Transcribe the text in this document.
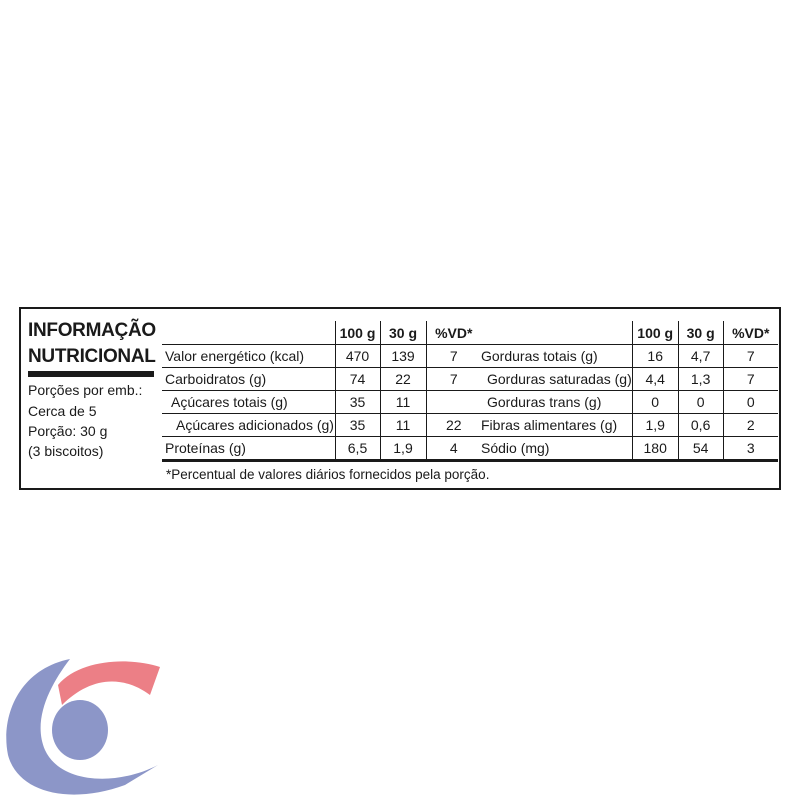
INFORMAÇÃO
NUTRICIONAL
Porções por emb.:
Cerca de 5
Porção: 30 g
(3 biscoitos)
	100 g	30 g	%VD*
Valor energético (kcal)	470	139	7
Carboidratos (g)	74	22	7
Açúcares totais (g)	35	11	
Açúcares adicionados (g)	35	11	22
Proteínas (g)	6,5	1,9	4
	100 g	30 g	%VD*
Gorduras totais (g)	16	4,7	7
Gorduras saturadas (g)	4,4	1,3	7
Gorduras trans (g)	0	0	0
Fibras alimentares (g)	1,9	0,6	2
Sódio (mg)	180	54	3
*Percentual de valores diários fornecidos pela porção.
